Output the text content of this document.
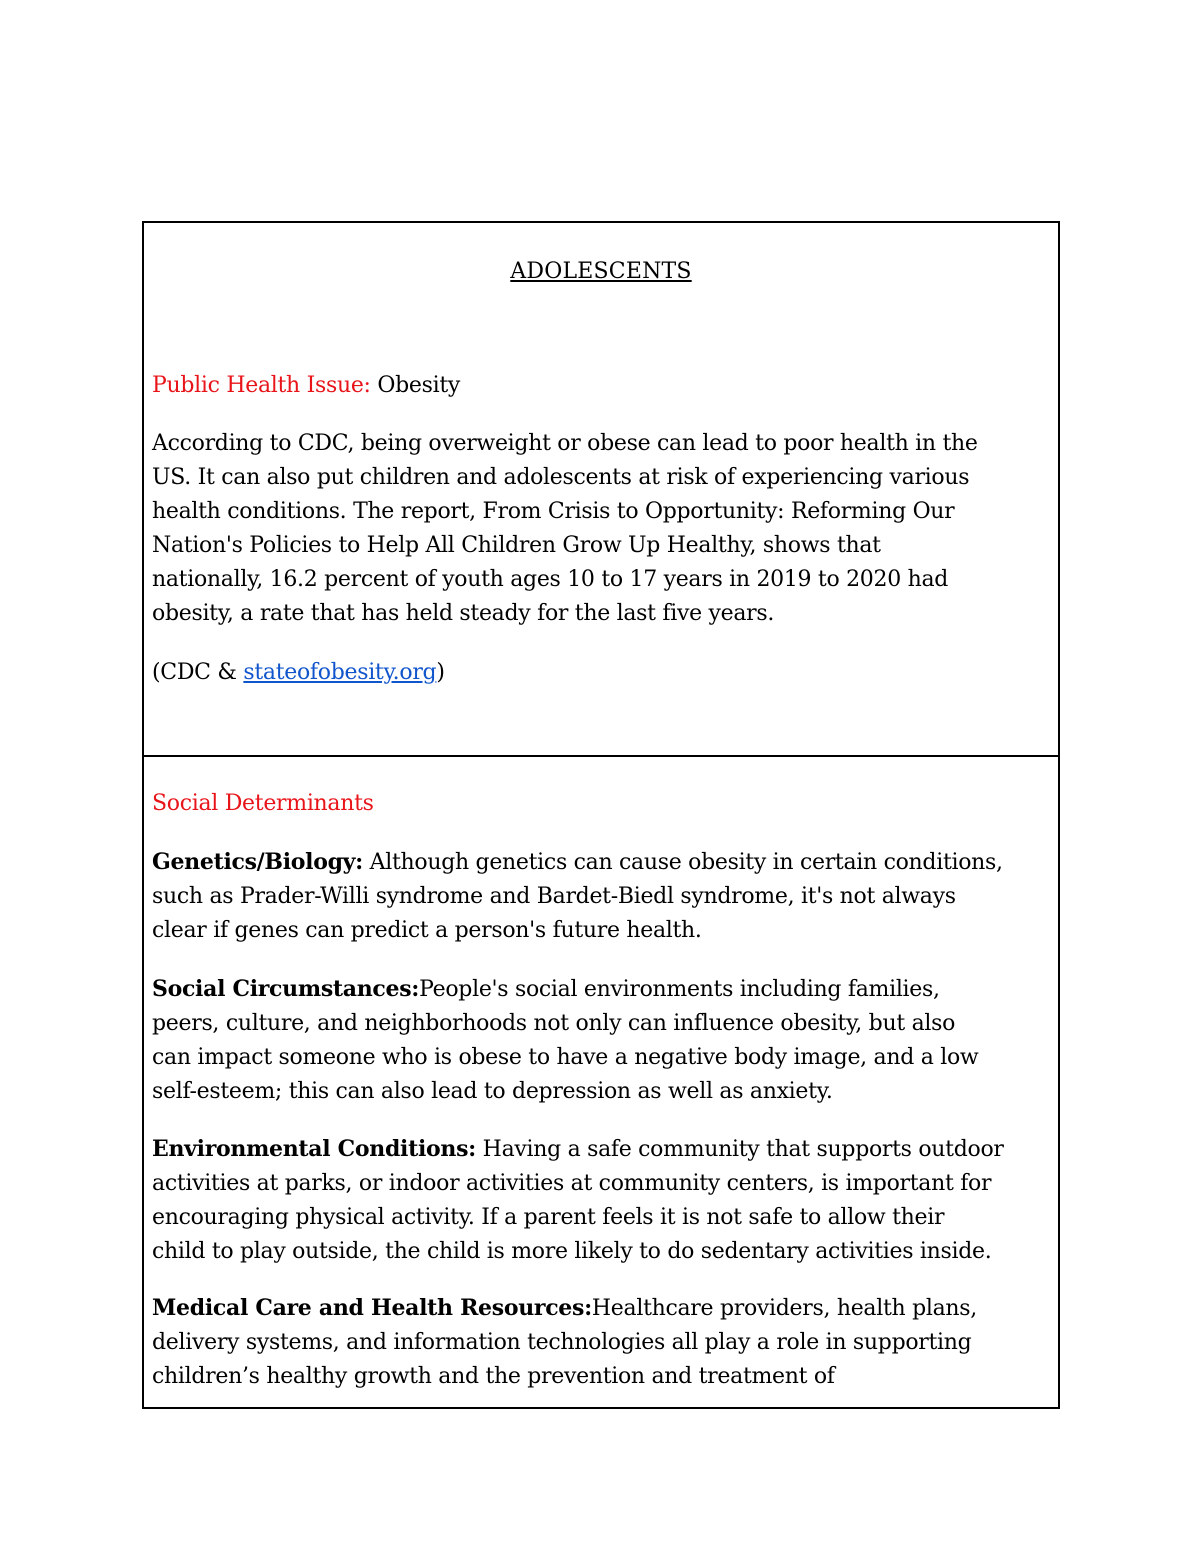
ADOLESCENTS
Public Health Issue: Obesity
According to CDC, being overweight or obese can lead to poor health in the
US. It can also put children and adolescents at risk of experiencing various
health conditions. The report, From Crisis to Opportunity: Reforming Our
Nation's Policies to Help All Children Grow Up Healthy, shows that
nationally, 16.2 percent of youth ages 10 to 17 years in 2019 to 2020 had
obesity, a rate that has held steady for the last five years.
(CDC & stateofobesity.org)
Social Determinants
Genetics/Biology: Although genetics can cause obesity in certain conditions,
such as Prader-Willi syndrome and Bardet-Biedl syndrome, it's not always
clear if genes can predict a person's future health.
Social Circumstances:People's social environments including families,
peers, culture, and neighborhoods not only can influence obesity, but also
can impact someone who is obese to have a negative body image, and a low
self-esteem; this can also lead to depression as well as anxiety.
Environmental Conditions: Having a safe community that supports outdoor
activities at parks, or indoor activities at community centers, is important for
encouraging physical activity. If a parent feels it is not safe to allow their
child to play outside, the child is more likely to do sedentary activities inside.
Medical Care and Health Resources:Healthcare providers, health plans,
delivery systems, and information technologies all play a role in supporting
children’s healthy growth and the prevention and treatment of
